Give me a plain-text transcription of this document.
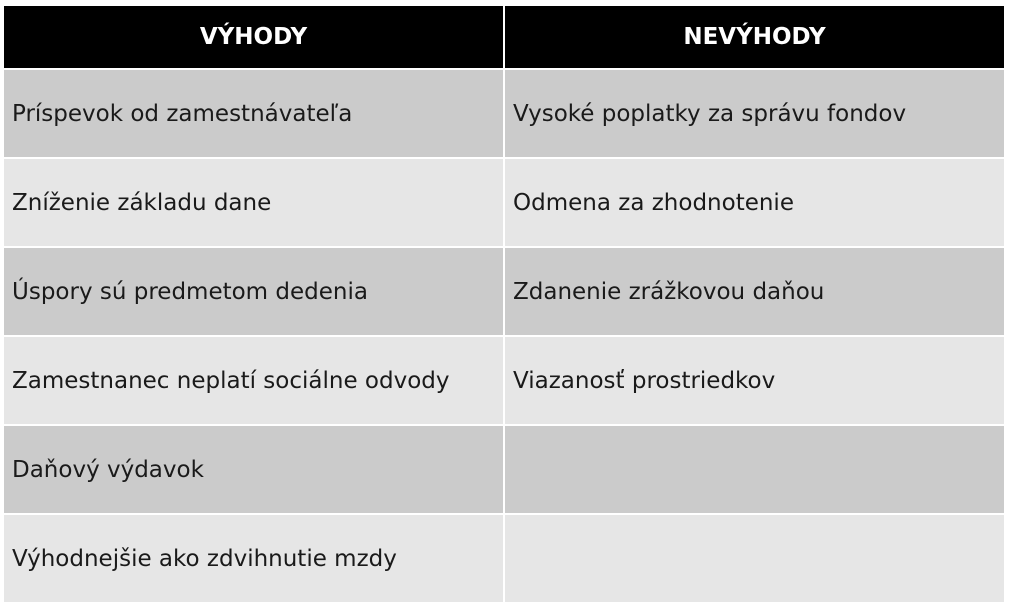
VÝHODY	NEVÝHODY
Príspevok od zamestnávateľa	Vysoké poplatky za správu fondov
Zníženie základu dane	Odmena za zhodnotenie
Úspory sú predmetom dedenia	Zdanenie zrážkovou daňou
Zamestnanec neplatí sociálne odvody	Viazanosť prostriedkov
Daňový výdavok	
Výhodnejšie ako zdvihnutie mzdy	
